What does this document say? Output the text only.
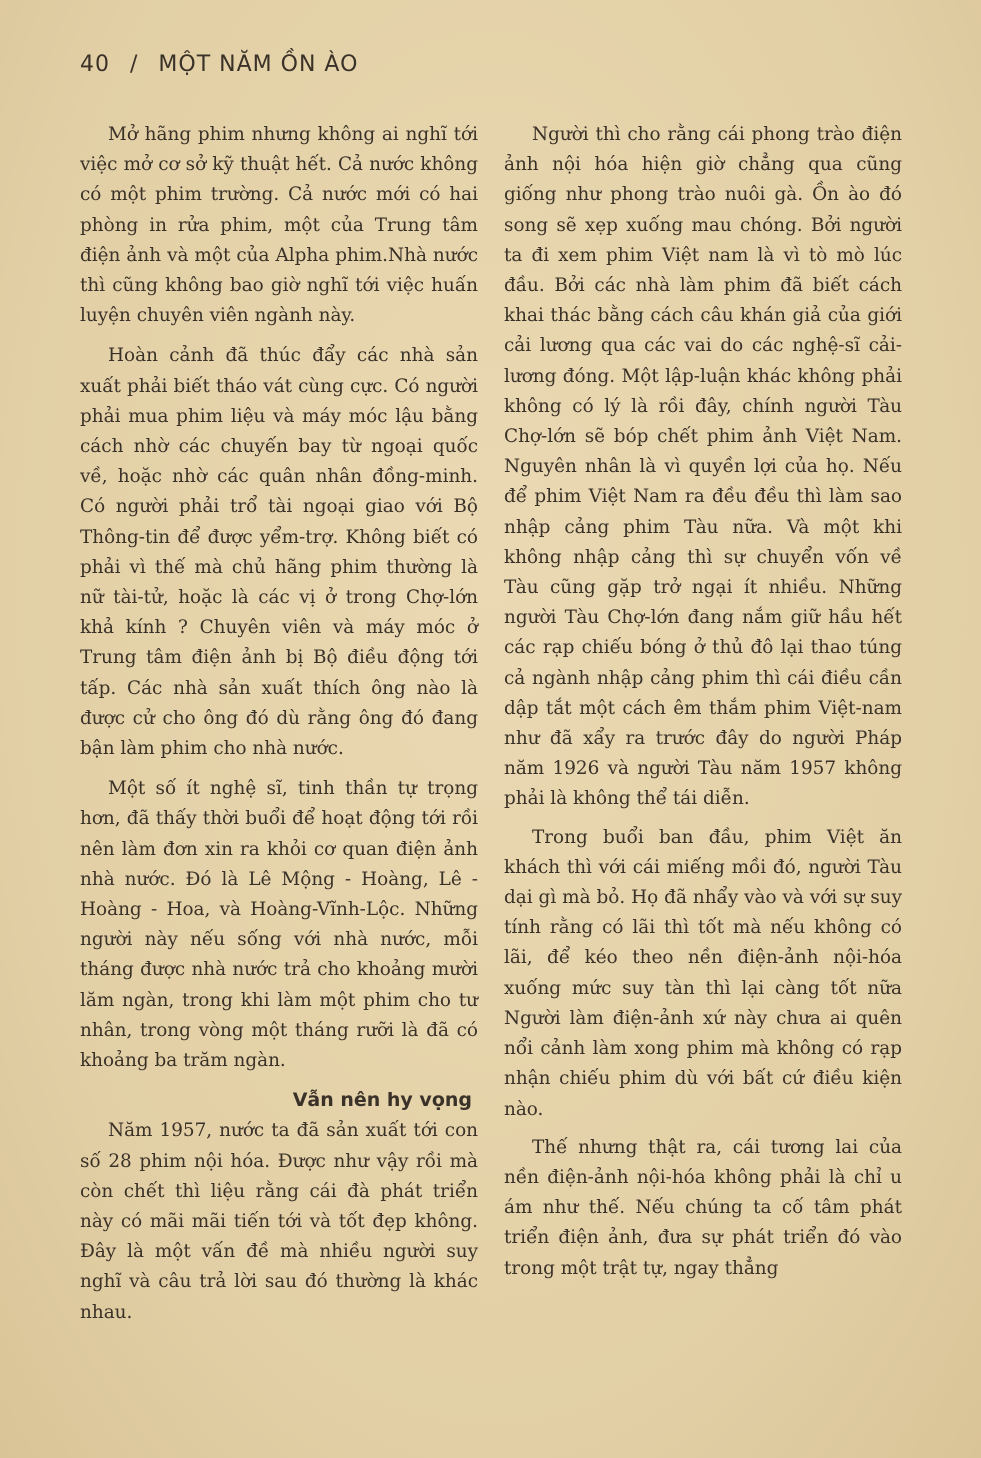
40 / MỘT NĂM ỒN ÀO

Mở hãng phim nhưng không ai nghĩ tới việc mở cơ sở kỹ thuật hết. Cả nước không có một phim trường. Cả nước mới có hai phòng in rửa phim, một của Trung tâm điện ảnh và một của Alpha phim.Nhà nước thì cũng không bao giờ nghĩ tới việc huấn luyện chuyên viên ngành này.

Hoàn cảnh đã thúc đẩy các nhà sản xuất phải biết tháo vát cùng cực. Có người phải mua phim liệu và máy móc lậu bằng cách nhờ các chuyến bay từ ngoại quốc về, hoặc nhờ các quân nhân đồng-minh. Có người phải trổ tài ngoại giao với Bộ Thông-tin để được yểm-trợ. Không biết có phải vì thế mà chủ hãng phim thường là nữ tài-tử, hoặc là các vị ở trong Chợ-lớn khả kính ? Chuyên viên và máy móc ở Trung tâm điện ảnh bị Bộ điều động tới tấp. Các nhà sản xuất thích ông nào là được cử cho ông đó dù rằng ông đó đang bận làm phim cho nhà nước.

Một số ít nghệ sĩ, tinh thần tự trọng hơn, đã thấy thời buổi để hoạt động tới rồi nên làm đơn xin ra khỏi cơ quan điện ảnh nhà nước. Đó là Lê Mộng - Hoàng, Lê - Hoàng - Hoa, và Hoàng-Vĩnh-Lộc. Những người này nếu sống với nhà nước, mỗi tháng được nhà nước trả cho khoảng mười lăm ngàn, trong khi làm một phim cho tư nhân, trong vòng một tháng rưỡi là đã có khoảng ba trăm ngàn.

Vẫn nên hy vọng

Năm 1957, nước ta đã sản xuất tới con số 28 phim nội hóa. Được như vậy rồi mà còn chết thì liệu rằng cái đà phát triển này có mãi mãi tiến tới và tốt đẹp không. Đây là một vấn đề mà nhiều người suy nghĩ và câu trả lời sau đó thường là khác nhau.

Người thì cho rằng cái phong trào điện ảnh nội hóa hiện giờ chẳng qua cũng giống như phong trào nuôi gà. Ồn ào đó song sẽ xẹp xuống mau chóng. Bởi người ta đi xem phim Việt nam là vì tò mò lúc đầu. Bởi các nhà làm phim đã biết cách khai thác bằng cách câu khán giả của giới cải lương qua các vai do các nghệ-sĩ cải-lương đóng. Một lập-luận khác không phải không có lý là rồi đây, chính người Tàu Chợ-lớn sẽ bóp chết phim ảnh Việt Nam. Nguyên nhân là vì quyền lợi của họ. Nếu để phim Việt Nam ra đều đều thì làm sao nhập cảng phim Tàu nữa. Và một khi không nhập cảng thì sự chuyển vốn về Tàu cũng gặp trở ngại ít nhiều. Những người Tàu Chợ-lớn đang nắm giữ hầu hết các rạp chiếu bóng ở thủ đô lại thao túng cả ngành nhập cảng phim thì cái điều cần dập tắt một cách êm thắm phim Việt-nam như đã xẩy ra trước đây do người Pháp năm 1926 và người Tàu năm 1957 không phải là không thể tái diễn.

Trong buổi ban đầu, phim Việt ăn khách thì với cái miếng mồi đó, người Tàu dại gì mà bỏ. Họ đã nhẩy vào và với sự suy tính rằng có lãi thì tốt mà nếu không có lãi, để kéo theo nền điện-ảnh nội-hóa xuống mức suy tàn thì lại càng tốt nữa Người làm điện-ảnh xứ này chưa ai quên nổi cảnh làm xong phim mà không có rạp nhận chiếu phim dù với bất cứ điều kiện nào.

Thế nhưng thật ra, cái tương lai của nền điện-ảnh nội-hóa không phải là chỉ u ám như thế. Nếu chúng ta cố tâm phát triển điện ảnh, đưa sự phát triển đó vào trong một trật tự, ngay thẳng
